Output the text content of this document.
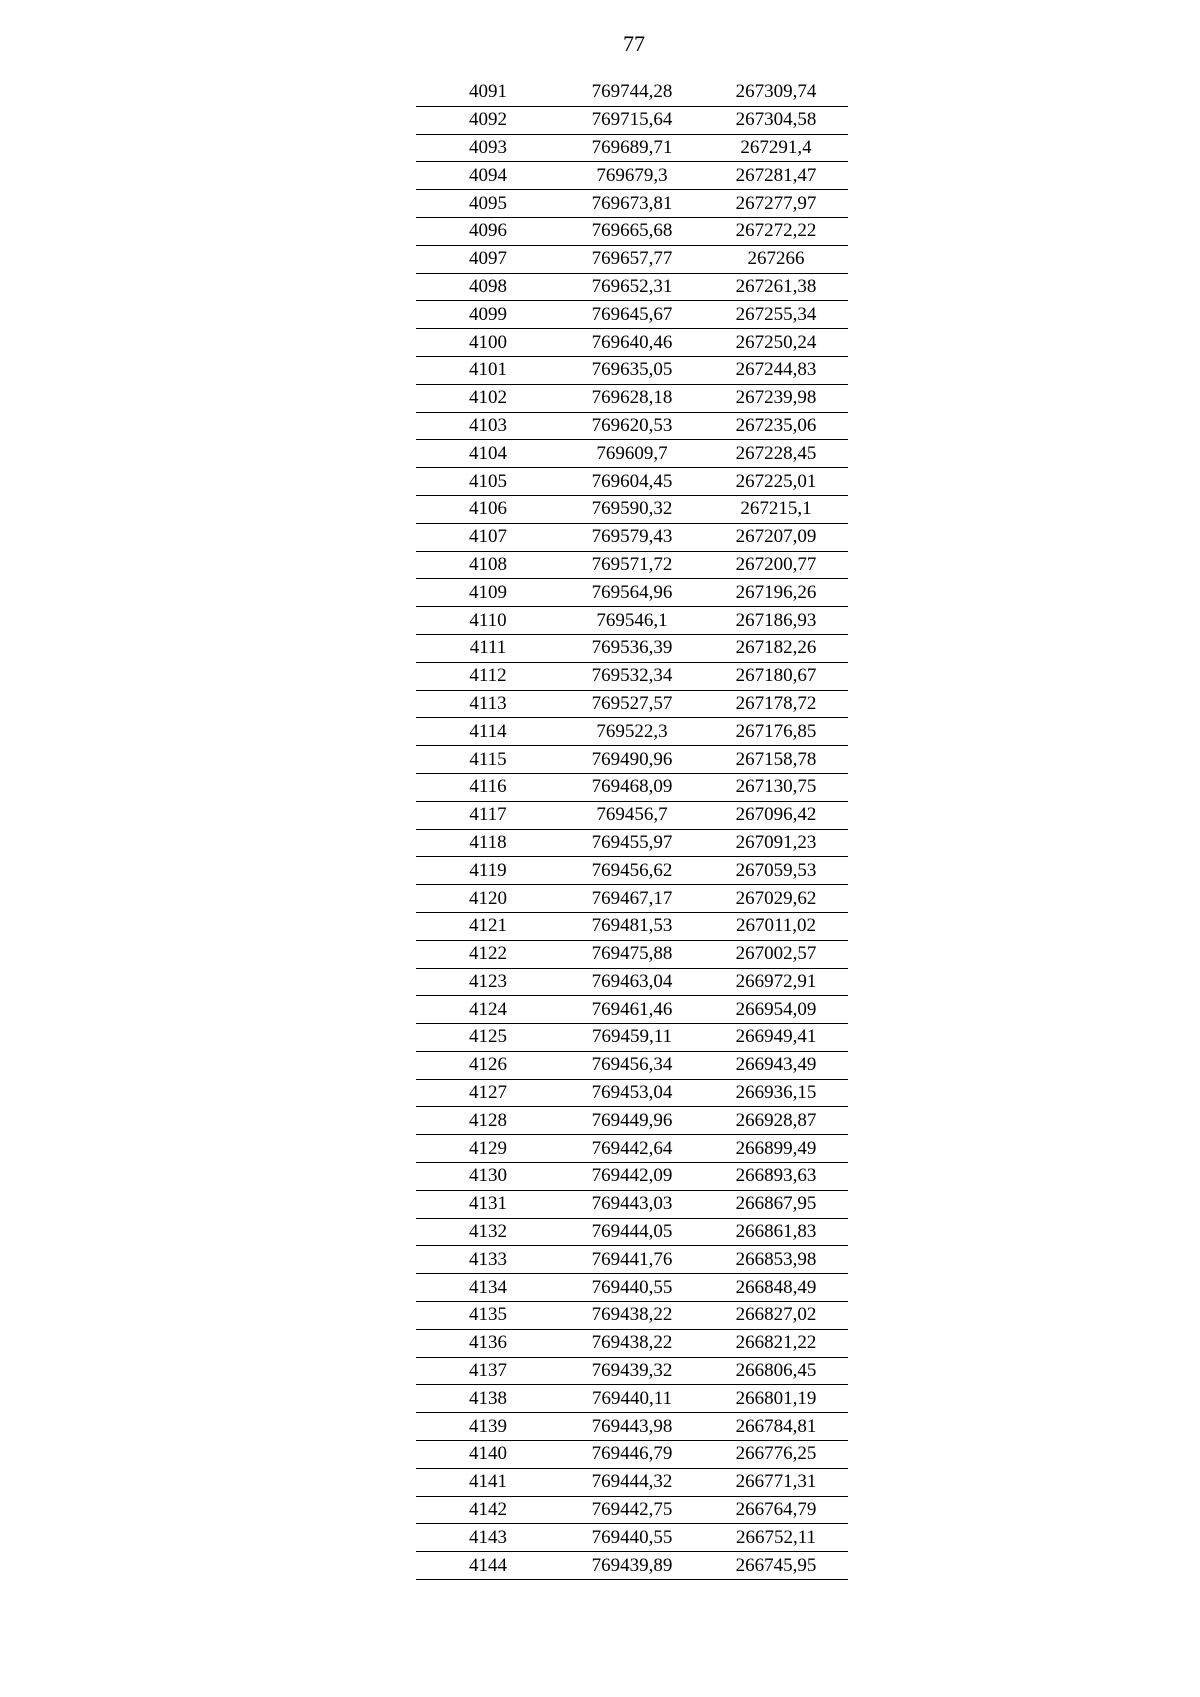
77
4091	769744,28	267309,74
4092	769715,64	267304,58
4093	769689,71	267291,4
4094	769679,3	267281,47
4095	769673,81	267277,97
4096	769665,68	267272,22
4097	769657,77	267266
4098	769652,31	267261,38
4099	769645,67	267255,34
4100	769640,46	267250,24
4101	769635,05	267244,83
4102	769628,18	267239,98
4103	769620,53	267235,06
4104	769609,7	267228,45
4105	769604,45	267225,01
4106	769590,32	267215,1
4107	769579,43	267207,09
4108	769571,72	267200,77
4109	769564,96	267196,26
4110	769546,1	267186,93
4111	769536,39	267182,26
4112	769532,34	267180,67
4113	769527,57	267178,72
4114	769522,3	267176,85
4115	769490,96	267158,78
4116	769468,09	267130,75
4117	769456,7	267096,42
4118	769455,97	267091,23
4119	769456,62	267059,53
4120	769467,17	267029,62
4121	769481,53	267011,02
4122	769475,88	267002,57
4123	769463,04	266972,91
4124	769461,46	266954,09
4125	769459,11	266949,41
4126	769456,34	266943,49
4127	769453,04	266936,15
4128	769449,96	266928,87
4129	769442,64	266899,49
4130	769442,09	266893,63
4131	769443,03	266867,95
4132	769444,05	266861,83
4133	769441,76	266853,98
4134	769440,55	266848,49
4135	769438,22	266827,02
4136	769438,22	266821,22
4137	769439,32	266806,45
4138	769440,11	266801,19
4139	769443,98	266784,81
4140	769446,79	266776,25
4141	769444,32	266771,31
4142	769442,75	266764,79
4143	769440,55	266752,11
4144	769439,89	266745,95
